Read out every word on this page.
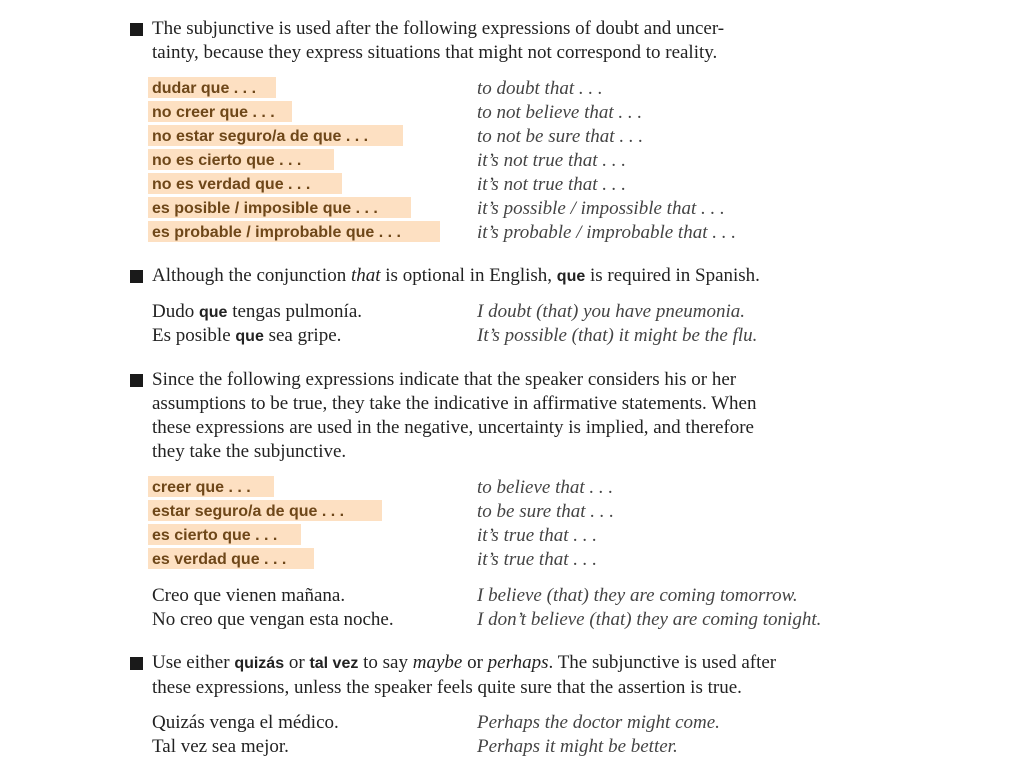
The subjunctive is used after the following expressions of doubt and uncer-
tainty, because they express situations that might not correspond to reality.

dudar que . . .	to doubt that . . .
no creer que . . .	to not believe that . . .
no estar seguro/a de que . . .	to not be sure that . . .
no es cierto que . . .	it’s not true that . . .
no es verdad que . . .	it’s not true that . . .
es posible / imposible que . . .	it’s possible / impossible that . . .
es probable / improbable que . . .	it’s probable / improbable that . . .

Although the conjunction that is optional in English, que is required in Spanish.

Dudo que tengas pulmonía.	I doubt (that) you have pneumonia.
Es posible que sea gripe.	It’s possible (that) it might be the flu.

Since the following expressions indicate that the speaker considers his or her
assumptions to be true, they take the indicative in affirmative statements. When
these expressions are used in the negative, uncertainty is implied, and therefore
they take the subjunctive.

creer que . . .	to believe that . . .
estar seguro/a de que . . .	to be sure that . . .
es cierto que . . .	it’s true that . . .
es verdad que . . .	it’s true that . . .
Creo que vienen mañana.	I believe (that) they are coming tomorrow.
No creo que vengan esta noche.	I don’t believe (that) they are coming tonight.

Use either quizás or tal vez to say maybe or perhaps. The subjunctive is used after
these expressions, unless the speaker feels quite sure that the assertion is true.

Quizás venga el médico.	Perhaps the doctor might come.
Tal vez sea mejor.	Perhaps it might be better.
